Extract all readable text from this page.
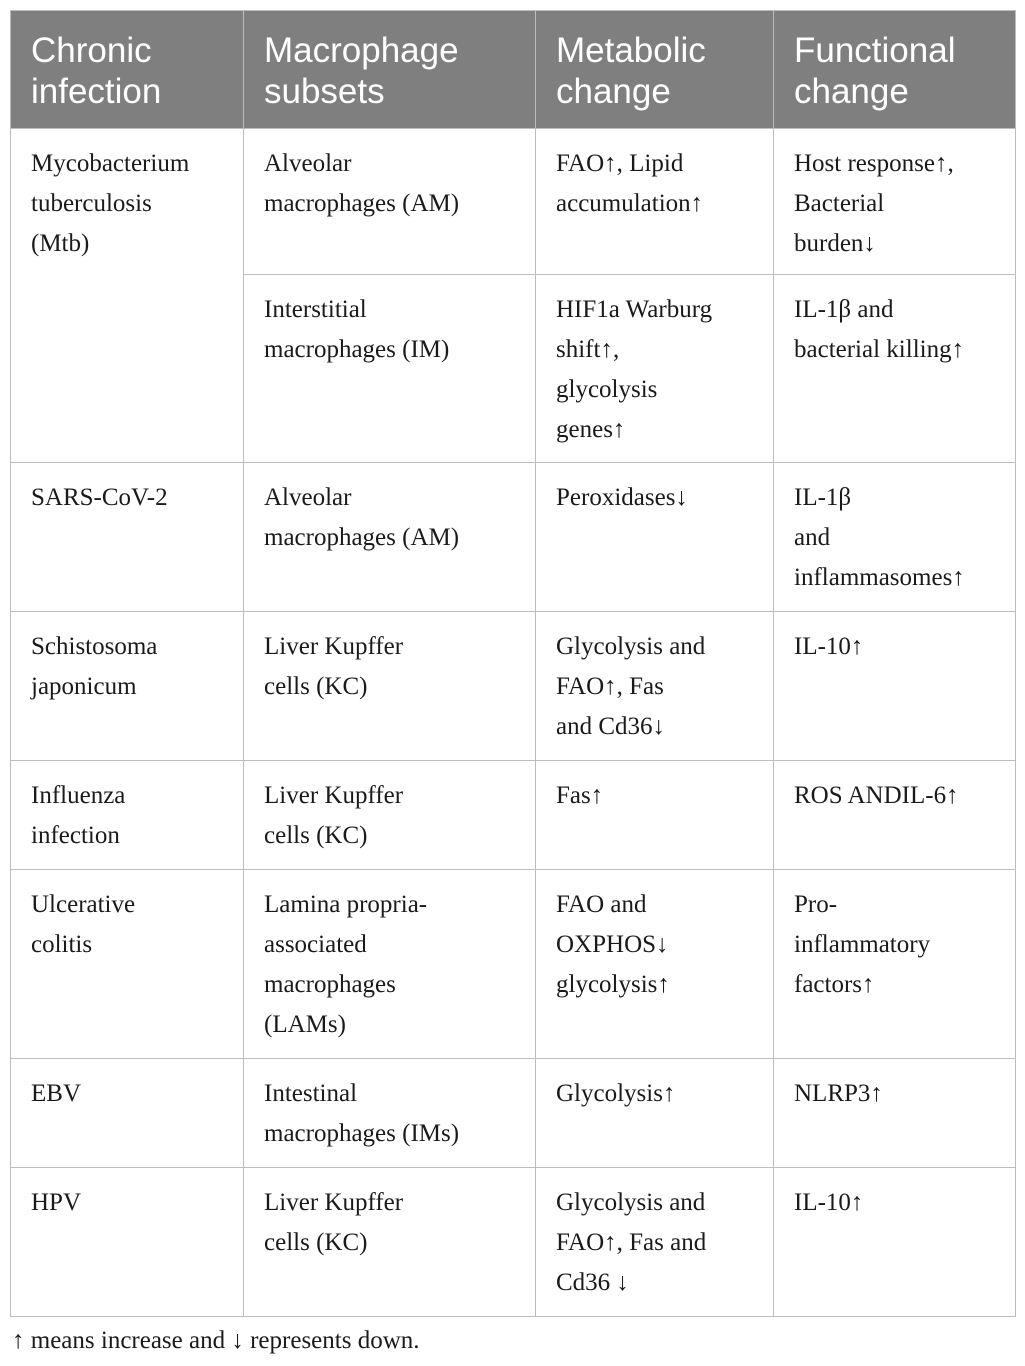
Chronic
infection	Macrophage
subsets	Metabolic
change	Functional
change

Mycobacterium
tuberculosis
(Mtb)	Alveolar
macrophages (AM)	FAO↑, Lipid
accumulation↑	Host response↑,
Bacterial
burden↓

	Interstitial
macrophages (IM)	HIF1a Warburg
shift↑,
glycolysis
genes↑	IL-1β and
bacterial killing↑

SARS-CoV-2	Alveolar
macrophages (AM)	Peroxidases↓	IL-1β
and
inflammasomes↑

Schistosoma
japonicum	Liver Kupffer
cells (KC)	Glycolysis and
FAO↑, Fas
and Cd36↓	IL-10↑

Influenza
infection	Liver Kupffer
cells (KC)	Fas↑	ROS ANDIL-6↑

Ulcerative
colitis	Lamina propria-
associated
macrophages
(LAMs)	FAO and
OXPHOS↓
glycolysis↑	Pro-
inflammatory
factors↑

EBV	Intestinal
macrophages (IMs)	Glycolysis↑	NLRP3↑

HPV	Liver Kupffer
cells (KC)	Glycolysis and
FAO↑, Fas and
Cd36 ↓	IL-10↑
↑ means increase and ↓ represents down.
